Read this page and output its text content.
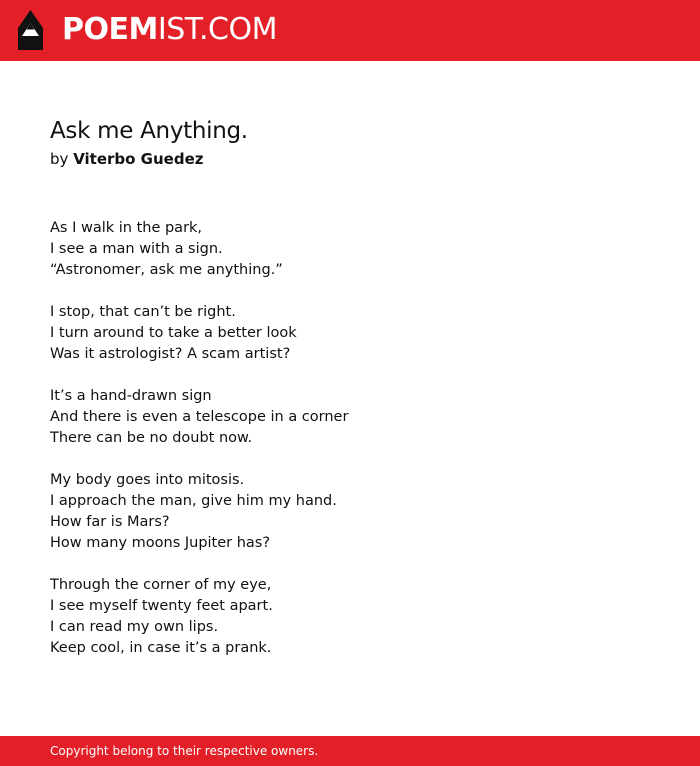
POEMIST.COM
Ask me Anything.
by Viterbo Guedez
As I walk in the park,
I see a man with a sign.
“Astronomer, ask me anything.”
I stop, that can’t be right.
I turn around to take a better look
Was it astrologist? A scam artist?
It’s a hand-drawn sign
And there is even a telescope in a corner
There can be no doubt now.
My body goes into mitosis.
I approach the man, give him my hand.
How far is Mars?
How many moons Jupiter has?
Through the corner of my eye,
I see myself twenty feet apart.
I can read my own lips.
Keep cool, in case it’s a prank.
Copyright belong to their respective owners.
